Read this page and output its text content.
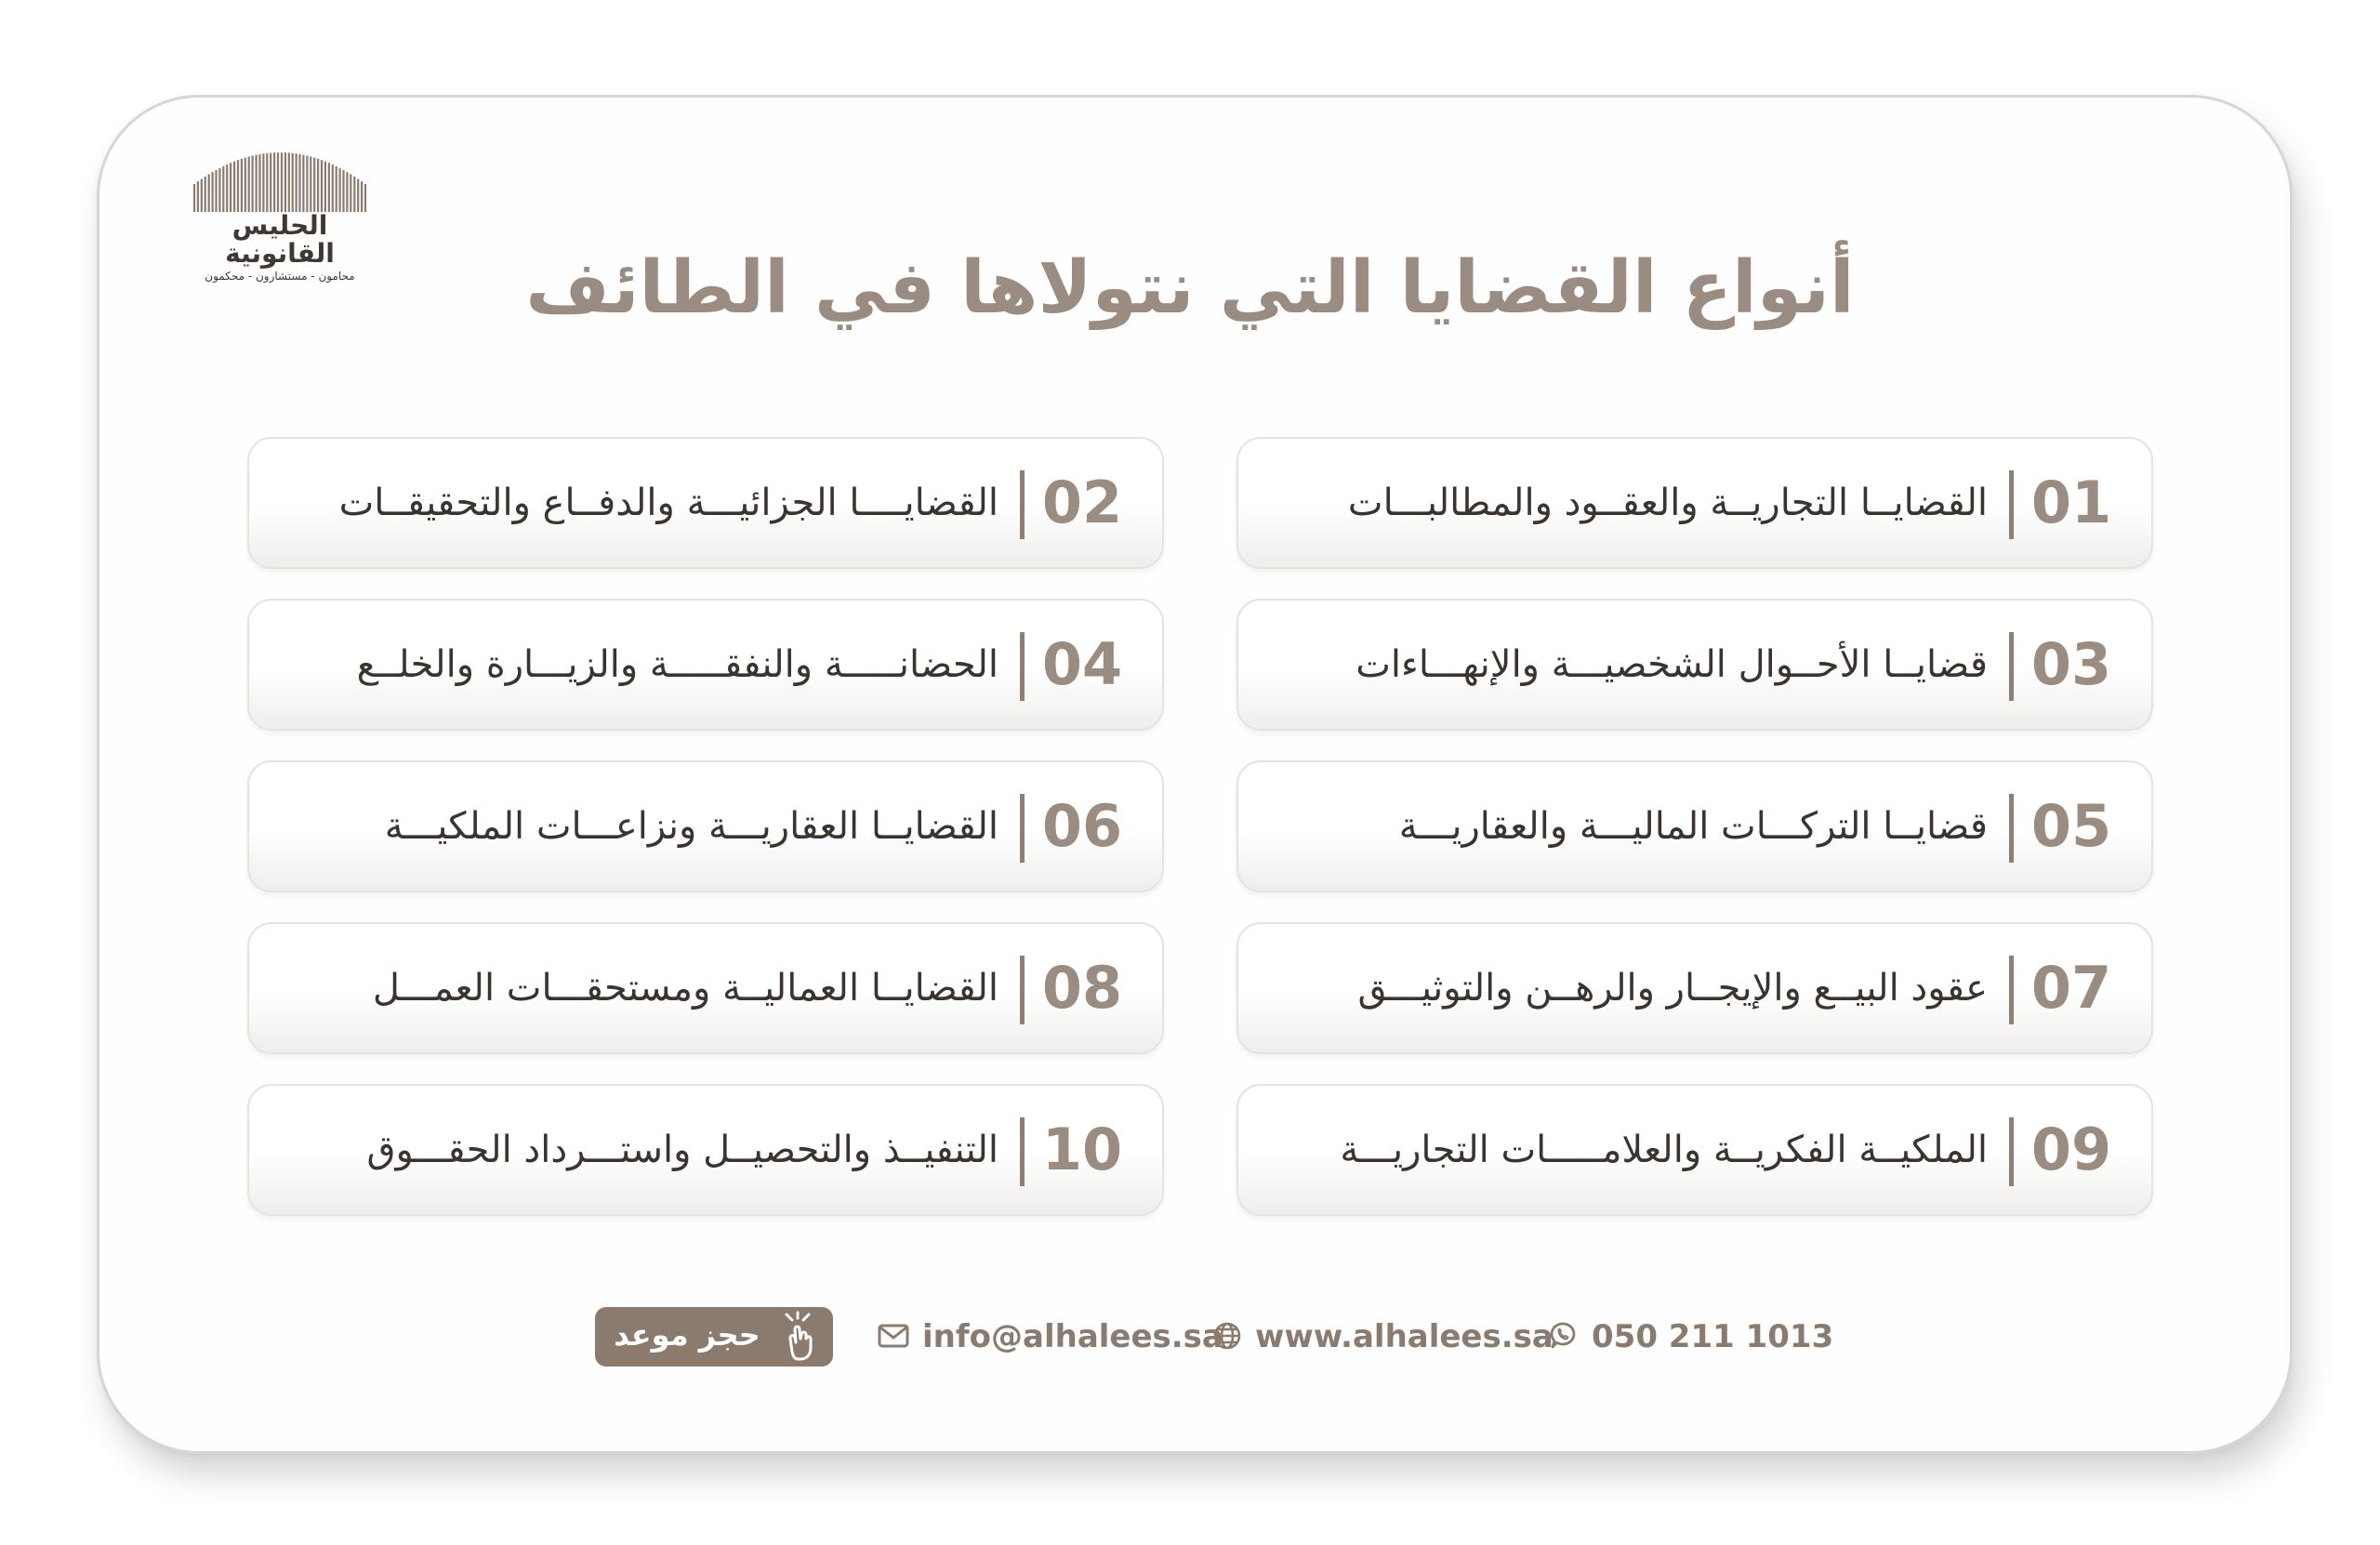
الحليس القانونية
محامون - مستشارون - محكمون	أنواع القضايا التي نتولاها في الطائف
01
القضايــا التجاريــة والعقــود والمطالبـــات
02
القضايــــا الجزائيـــة والدفــاع والتحقيقــات
03
قضايــا الأحــوال الشخصيـــة والإنهـــاءات
04
الحضانـــــة والنفقـــــة والزيـــارة والخلــع
05
قضايــا التركـــات الماليـــة والعقاريـــة
06
القضايــا العقاريـــة ونزاعـــات الملكيـــة
07
عقود البيــع والإيجــار والرهــن والتوثيـــق
08
القضايــا العماليــة ومستحقـــات العمـــل
09
الملكيــة الفكريــة والعلامـــــات التجاريـــة
10
التنفيــذ والتحصيــل واستـــرداد الحقـــوق
حجز موعد	info@alhalees.sa	www.alhalees.sa	050 211 1013
